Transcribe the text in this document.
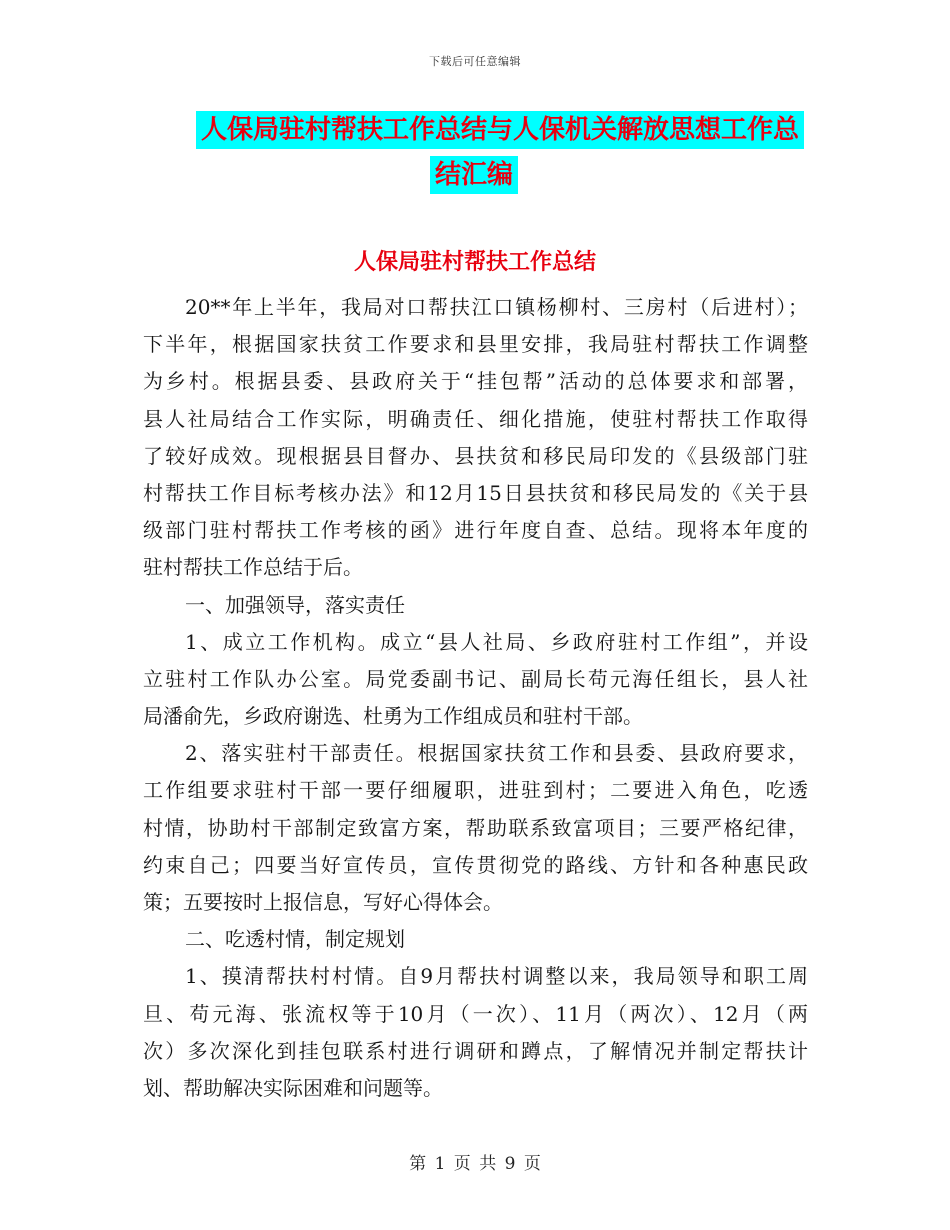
下载后可任意编辑
人保局驻村帮扶工作总结与人保机关解放思想工作总
结汇编
人保局驻村帮扶工作总结
20**年上半年，我局对口帮扶江口镇杨柳村、三房村（后进村）；
下半年，根据国家扶贫工作要求和县里安排，我局驻村帮扶工作调整
为乡村。根据县委、县政府关于“挂包帮”活动的总体要求和部署，
县人社局结合工作实际，明确责任、细化措施，使驻村帮扶工作取得
了较好成效。现根据县目督办、县扶贫和移民局印发的《县级部门驻
村帮扶工作目标考核办法》和12月15日县扶贫和移民局发的《关于县
级部门驻村帮扶工作考核的函》进行年度自查、总结。现将本年度的
驻村帮扶工作总结于后。
一、加强领导，落实责任
1、成立工作机构。成立“县人社局、乡政府驻村工作组”，并设
立驻村工作队办公室。局党委副书记、副局长苟元海任组长，县人社
局潘俞先，乡政府谢选、杜勇为工作组成员和驻村干部。
2、落实驻村干部责任。根据国家扶贫工作和县委、县政府要求，
工作组要求驻村干部一要仔细履职，进驻到村；二要进入角色，吃透
村情，协助村干部制定致富方案，帮助联系致富项目；三要严格纪律，
约束自己；四要当好宣传员，宣传贯彻党的路线、方针和各种惠民政
策；五要按时上报信息，写好心得体会。
二、吃透村情，制定规划
1、摸清帮扶村村情。自9月帮扶村调整以来，我局领导和职工周
旦、苟元海、张流权等于10月（一次）、11月（两次）、12月（两
次）多次深化到挂包联系村进行调研和蹲点，了解情况并制定帮扶计
划、帮助解决实际困难和问题等。
第 1 页 共 9 页
